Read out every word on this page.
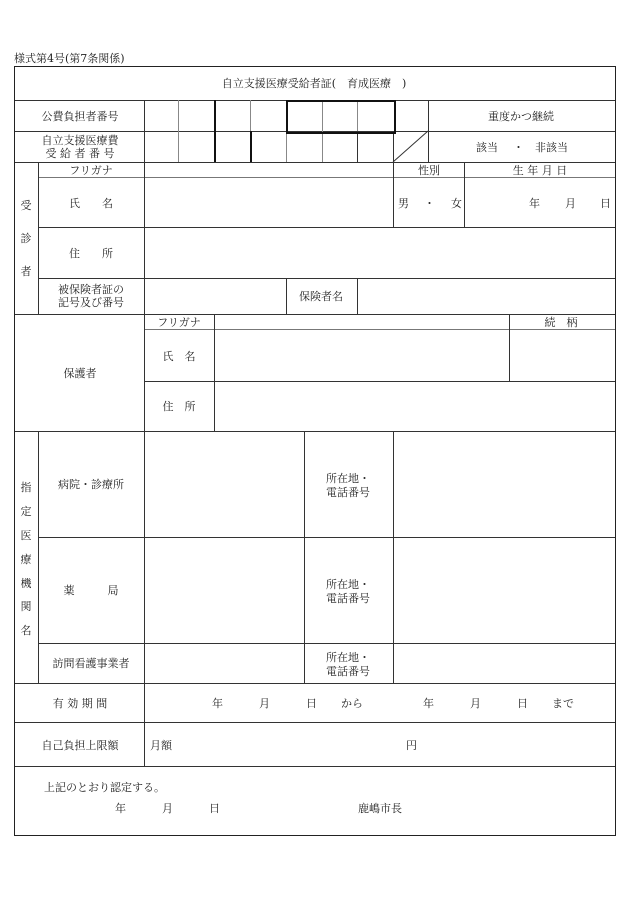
様式第4号(第7条関係)
自立支援医療受給者証(　育成医療　)
公費負担者番号	重度かつ継続
自立支援医療費
受 給 者 番 号	該当 ・ 非該当
受
診
者
フリガナ	性別	生 年 月 日
氏　　名	男 ・ 女	年 月 日
住　　所
被保険者証の
記号及び番号	保険者名
保護者
フリガナ	続　柄
氏　名
住　所
指
定
医
療
機
関
名
病院・診療所	所在地・
電話番号
薬　　　局	所在地・
電話番号
訪問看護事業者	所在地・
電話番号
有 効 期 間	年	月	日 から	年	月	日 まで
自己負担上限額	月額	円
上記のとおり認定する。
年	月	日	鹿嶋市長
